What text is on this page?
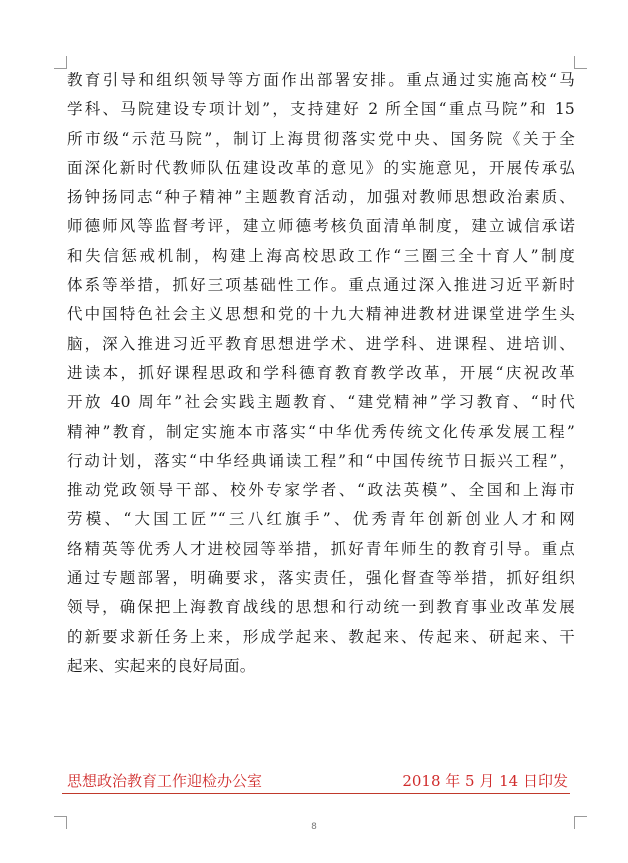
教育引导和组织领导等方面作出部署安排。重点通过实施高校“马
学科、马院建设专项计划”，支持建好 2 所全国“重点马院”和 15
所市级“示范马院”，制订上海贯彻落实党中央、国务院《关于全
面深化新时代教师队伍建设改革的意见》的实施意见，开展传承弘
扬钟扬同志“种子精神”主题教育活动，加强对教师思想政治素质、
师德师风等监督考评，建立师德考核负面清单制度，建立诚信承诺
和失信惩戒机制，构建上海高校思政工作“三圈三全十育人”制度
体系等举措，抓好三项基础性工作。重点通过深入推进习近平新时
代中国特色社会主义思想和党的十九大精神进教材进课堂进学生头
脑，深入推进习近平教育思想进学术、进学科、进课程、进培训、
进读本，抓好课程思政和学科德育教育教学改革，开展“庆祝改革
开放 40 周年”社会实践主题教育、“建党精神”学习教育、“时代
精神”教育，制定实施本市落实“中华优秀传统文化传承发展工程”
行动计划，落实“中华经典诵读工程”和“中国传统节日振兴工程”，
推动党政领导干部、校外专家学者、“政法英模”、全国和上海市
劳模、“大国工匠”“三八红旗手”、优秀青年创新创业人才和网
络精英等优秀人才进校园等举措，抓好青年师生的教育引导。重点
通过专题部署，明确要求，落实责任，强化督查等举措，抓好组织
领导，确保把上海教育战线的思想和行动统一到教育事业改革发展
的新要求新任务上来，形成学起来、教起来、传起来、研起来、干
起来、实起来的良好局面。
思想政治教育工作迎检办公室	2018 年 5 月 14 日印发
8
